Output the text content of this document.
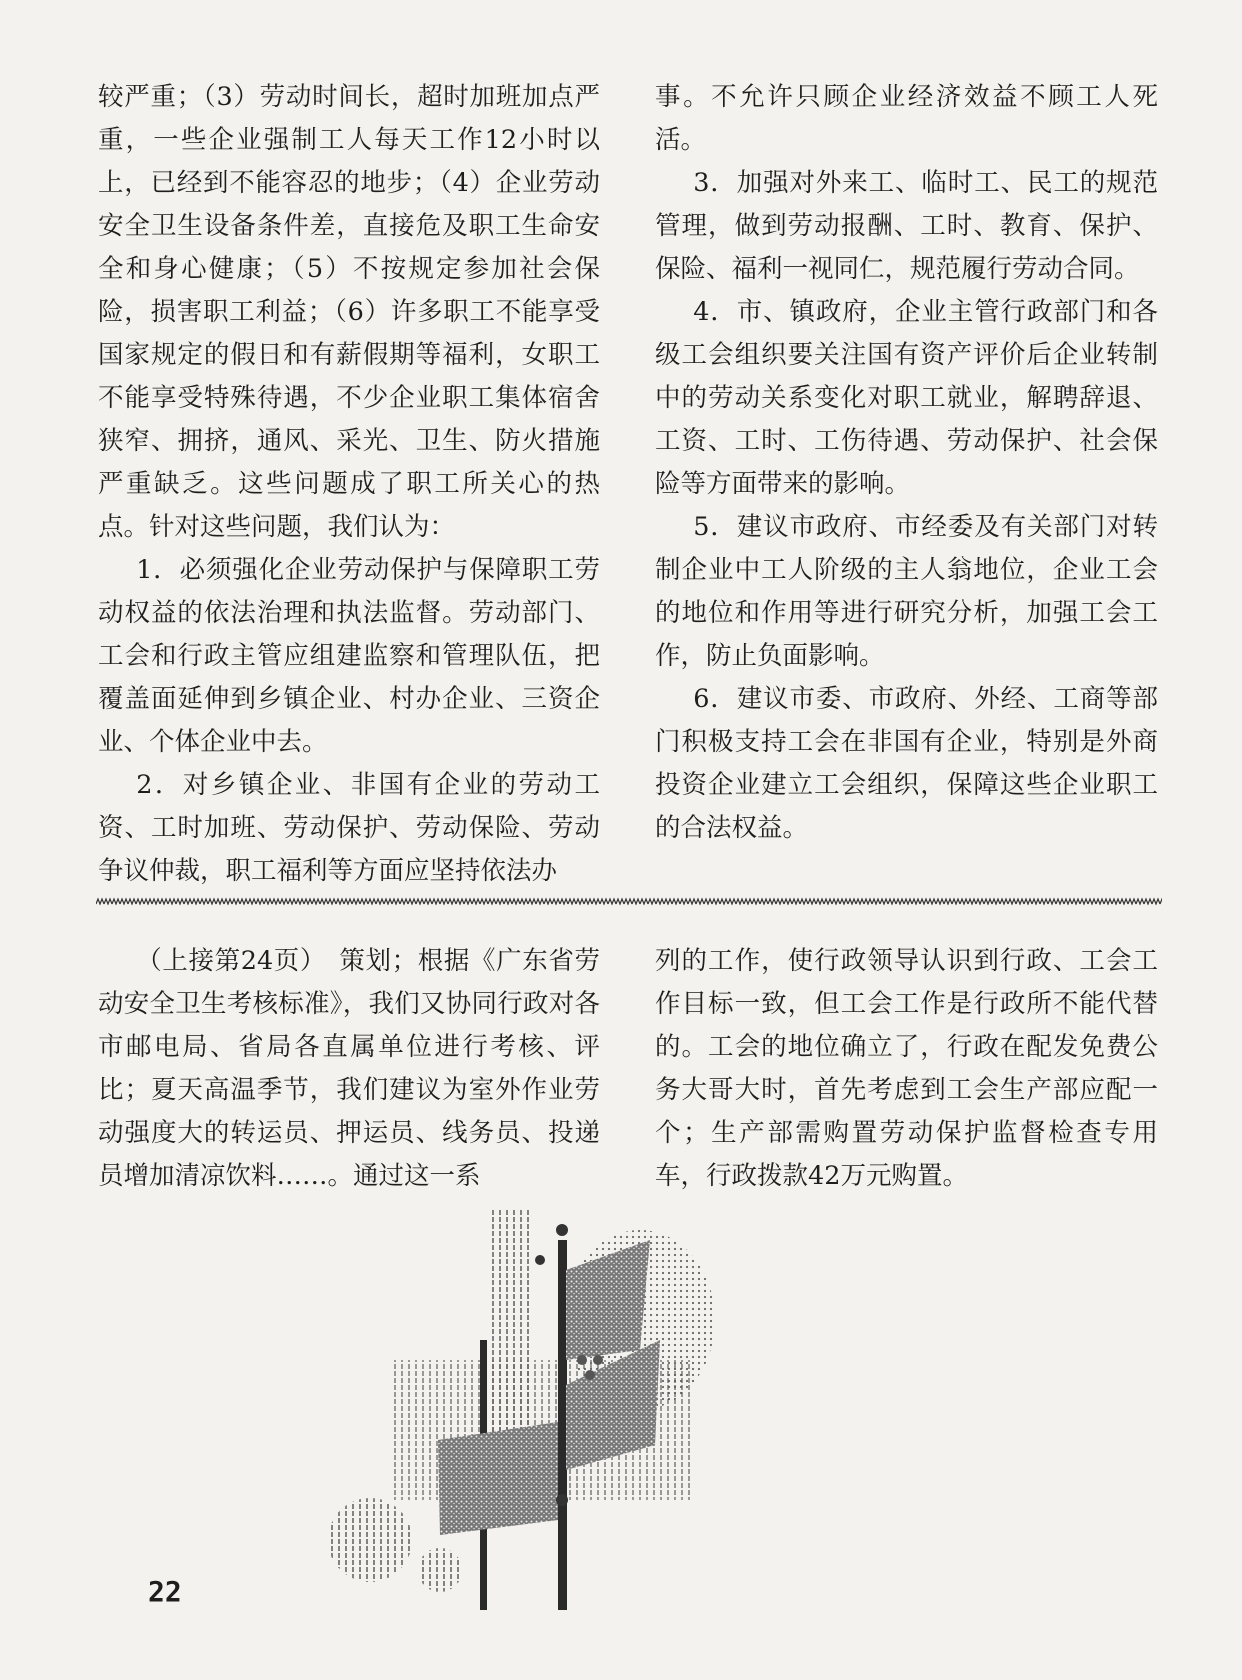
较严重；（3）劳动时间长，超时加班加点严重，一些企业强制工人每天工作12小时以上，已经到不能容忍的地步；（4）企业劳动安全卫生设备条件差，直接危及职工生命安全和身心健康；（5）不按规定参加社会保险，损害职工利益；（6）许多职工不能享受国家规定的假日和有薪假期等福利，女职工不能享受特殊待遇，不少企业职工集体宿舍狭窄、拥挤，通风、采光、卫生、防火措施严重缺乏。这些问题成了职工所关心的热点。针对这些问题，我们认为：

1．必须强化企业劳动保护与保障职工劳动权益的依法治理和执法监督。劳动部门、工会和行政主管应组建监察和管理队伍，把覆盖面延伸到乡镇企业、村办企业、三资企业、个体企业中去。

2．对乡镇企业、非国有企业的劳动工资、工时加班、劳动保护、劳动保险、劳动争议仲裁，职工福利等方面应坚持依法办

事。不允许只顾企业经济效益不顾工人死活。

3．加强对外来工、临时工、民工的规范管理，做到劳动报酬、工时、教育、保护、保险、福利一视同仁，规范履行劳动合同。

4．市、镇政府，企业主管行政部门和各级工会组织要关注国有资产评价后企业转制中的劳动关系变化对职工就业，解聘辞退、工资、工时、工伤待遇、劳动保护、社会保险等方面带来的影响。

5．建议市政府、市经委及有关部门对转制企业中工人阶级的主人翁地位，企业工会的地位和作用等进行研究分析，加强工会工作，防止负面影响。

6．建议市委、市政府、外经、工商等部门积极支持工会在非国有企业，特别是外商投资企业建立工会组织，保障这些企业职工的合法权益。

（上接第24页）　策划；根据《广东省劳动安全卫生考核标准》，我们又协同行政对各市邮电局、省局各直属单位进行考核、评比；夏天高温季节，我们建议为室外作业劳动强度大的转运员、押运员、线务员、投递员增加清凉饮料……。通过这一系

列的工作，使行政领导认识到行政、工会工作目标一致，但工会工作是行政所不能代替的。工会的地位确立了，行政在配发免费公务大哥大时，首先考虑到工会生产部应配一个；生产部需购置劳动保护监督检查专用车，行政拨款42万元购置。

22
